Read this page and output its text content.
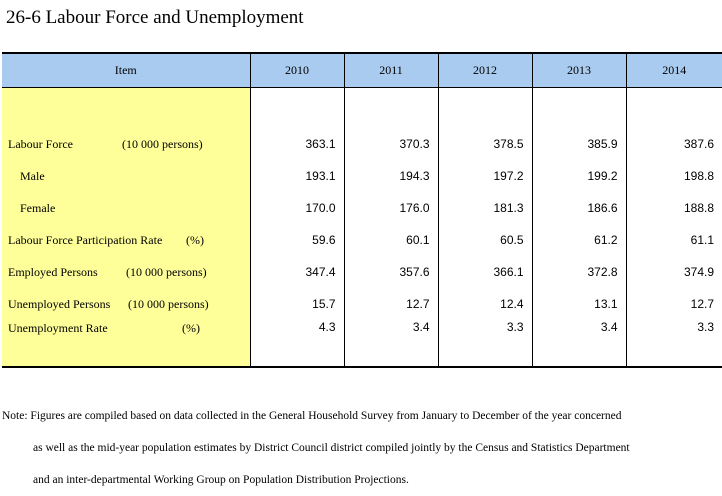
26-6 Labour Force and Unemployment
Item	2010	2011	2012	2013	2014

Labour Force (10 000 persons)	363.1	370.3	378.5	385.9	387.6

Male	193.1	194.3	197.2	199.2	198.8

Female	170.0	176.0	181.3	186.6	188.8

Labour Force Participation Rate (%)	59.6	60.1	60.5	61.2	61.1

Employed Persons (10 000 persons)	347.4	357.6	366.1	372.8	374.9

Unemployed Persons (10 000 persons)	15.7	12.7	12.4	13.1	12.7

Unemployment Rate (%)	4.3	3.4	3.3	3.4	3.3
Note: Figures are compiled based on data collected in the General Household Survey from January to December of the year concerned
as well as the mid-year population estimates by District Council district compiled jointly by the Census and Statistics Department
and an inter-departmental Working Group on Population Distribution Projections.
